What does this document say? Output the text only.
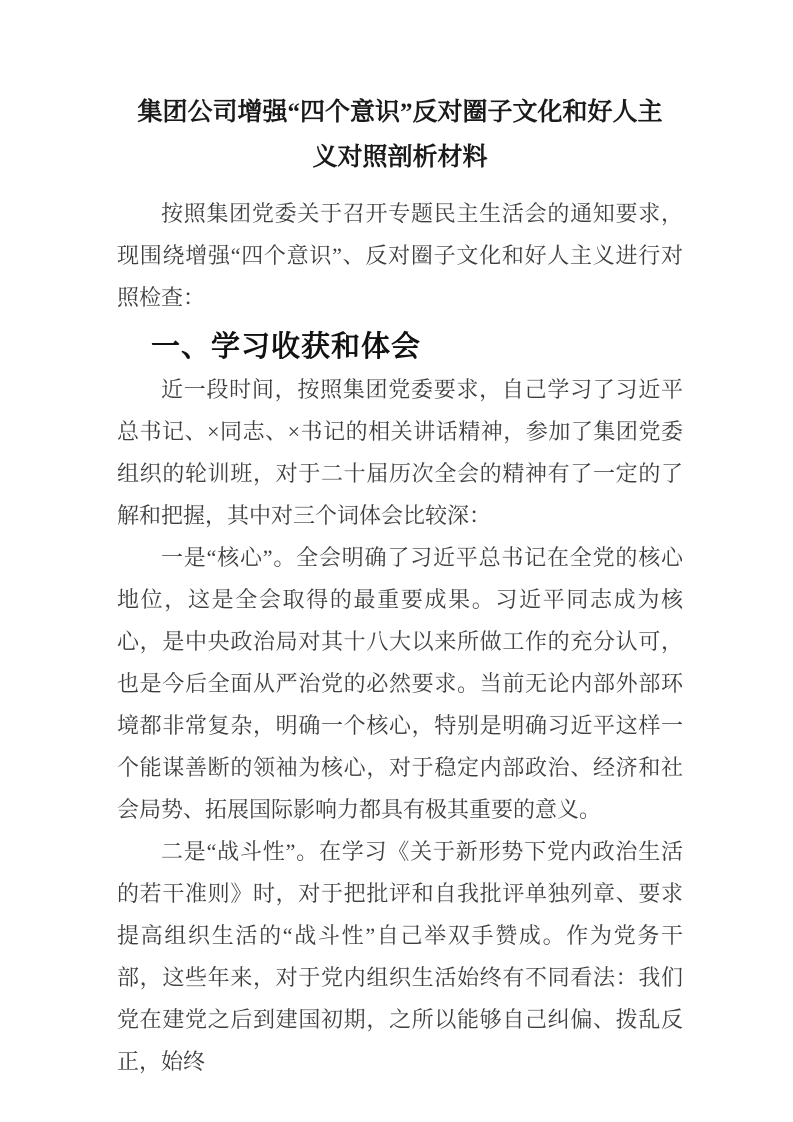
集团公司增强“四个意识”反对圈子文化和好人主
义对照剖析材料

按照集团党委关于召开专题民主生活会的通知要求，现围绕增强“四个意识”、反对圈子文化和好人主义进行对照检查：

一、学习收获和体会

近一段时间，按照集团党委要求，自己学习了习近平总书记、×同志、×书记的相关讲话精神，参加了集团党委组织的轮训班，对于二十届历次全会的精神有了一定的了解和把握，其中对三个词体会比较深：

一是“核心”。全会明确了习近平总书记在全党的核心地位，这是全会取得的最重要成果。习近平同志成为核心，是中央政治局对其十八大以来所做工作的充分认可，也是今后全面从严治党的必然要求。当前无论内部外部环境都非常复杂，明确一个核心，特别是明确习近平这样一个能谋善断的领袖为核心，对于稳定内部政治、经济和社会局势、拓展国际影响力都具有极其重要的意义。

二是“战斗性”。在学习《关于新形势下党内政治生活的若干准则》时，对于把批评和自我批评单独列章、要求提高组织生活的“战斗性”自己举双手赞成。作为党务干部，这些年来，对于党内组织生活始终有不同看法：我们党在建党之后到建国初期，之所以能够自己纠偏、拨乱反正，始终
